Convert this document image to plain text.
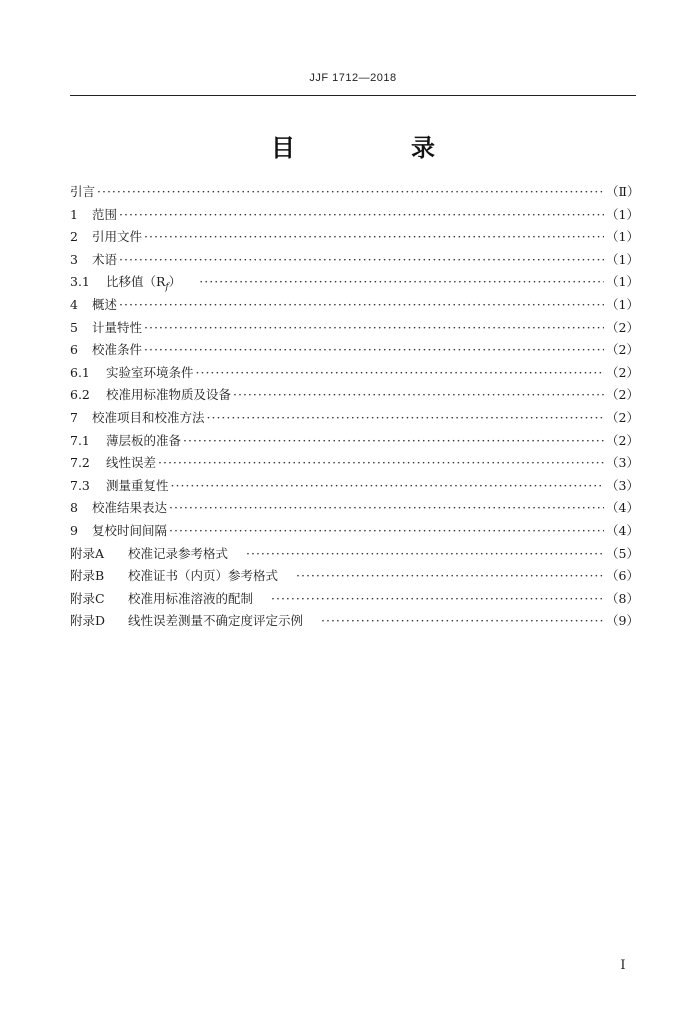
JJF 1712—2018
目　录
引言 ·····	（Ⅱ）
1	范围 ·····	（1）
2	引用文件 ·····	（1）
3	术语 ·····	（1）
3.1	比移值$(R_f)$ ·····	（1）
4	概述 ·····	（1）
5	计量特性 ·····	（2）
6	校准条件 ·····	（2）
6.1	实验室环境条件 ·····	（2）
6.2	校准用标准物质及设备 ·····	（2）
7	校准项目和校准方法 ·····	（2）
7.1	薄层板的准备 ·····	（2）
7.2	线性误差 ·····	（3）
7.3	测量重复性 ·····	（3）
8	校准结果表达 ·····	（4）
9	复校时间间隔 ·····	（4）
附录A	校准记录参考格式 ·····	（5）
附录B	校准证书（内页）参考格式 ·····	（6）
附录C	校准用标准溶液的配制 ·····	（8）
附录D	线性误差测量不确定度评定示例 ·····	（9）
Ⅰ
